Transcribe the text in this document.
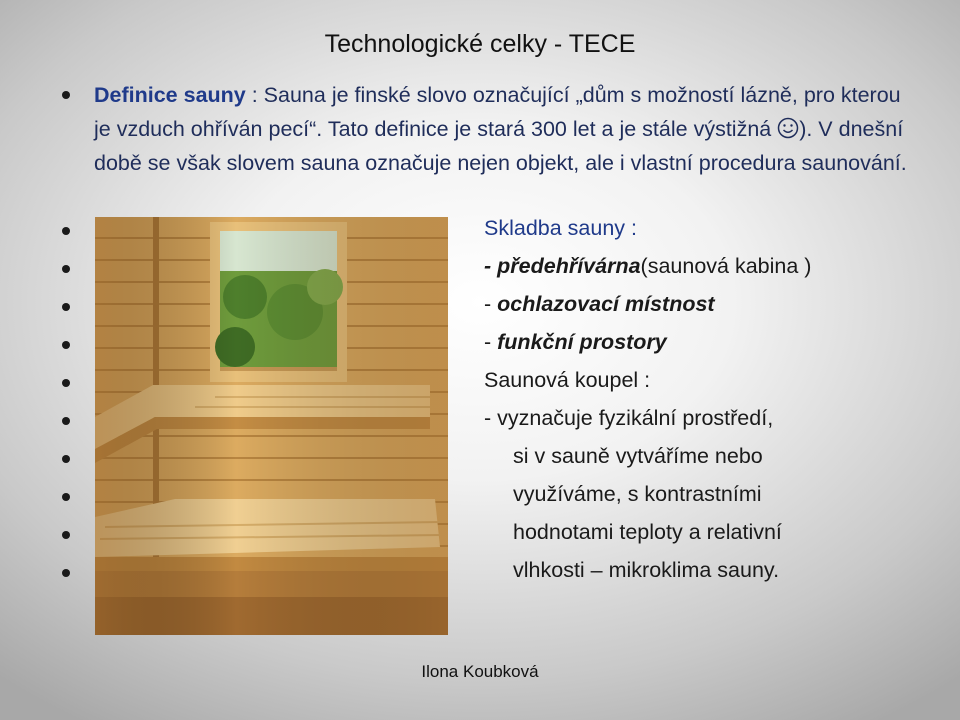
Technologické celky - TECE
Definice sauny : Sauna je finské slovo označující „dům s možností lázně, pro kterou je vzduch ohříván pecí“. Tato definice je stará 300 let a je stále výstižná ). V dnešní době se však slovem sauna označuje nejen objekt, ale i vlastní procedura saunování.
Skladba sauny :
- předehřívárna(saunová kabina )
- ochlazovací místnost
- funkční prostory
Saunová koupel :
- vyznačuje fyzikální prostředí,
si v sauně vytváříme nebo
využíváme, s kontrastními
hodnotami teploty a relativní
vlhkosti – mikroklima sauny.
Ilona Koubková
